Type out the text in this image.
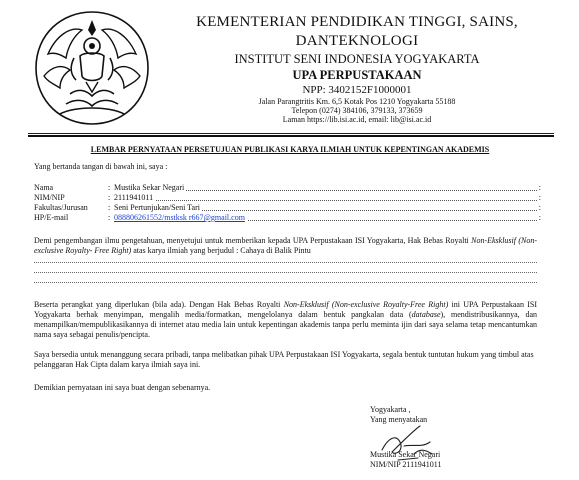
KEMENTERIAN PENDIDIKAN TINGGI, SAINS,
DANTEKNOLOGI
INSTITUT SENI INDONESIA YOGYAKARTA
UPA PERPUSTAKAAN
NPP: 3402152F1000001
Jalan Parangtritis Km. 6,5 Kotak Pos 1210 Yogyakarta 55188
Telepon (0274) 384106, 379133, 373659
Laman https://lib.isi.ac.id, email: lib@isi.ac.id
LEMBAR PERNYATAAN PERSETUJUAN PUBLIKASI KARYA ILMIAH UNTUK KEPENTINGAN AKADEMIS
Yang bertanda tangan di bawah ini, saya :
Nama	: Mustika Sekar Negari	:
NIM/NIP	: 2111941011	:
Fakultas/Jurusan	: Seni Pertunjukan/Seni Tari	:
HP/E-mail	: 088806261552/mstksk r667@gmail.com	:
Demi pengembangan ilmu pengetahuan, menyetujui untuk memberikan kepada UPA Perpustakaan ISI Yogyakarta, Hak Bebas Royalti Non-Eksklusif (Non-exclusive Royalty- Free Right) atas karya ilmiah yang berjudul : Cahaya di Balik Pintu
Beserta perangkat yang diperlukan (bila ada). Dengan Hak Bebas Royalti Non-Eksklusif (Non-exclusive Royalty-Free Right) ini UPA Perpustakaan ISI Yogyakarta berhak menyimpan, mengalih media/formatkan, mengelolanya dalam bentuk pangkalan data (database), mendistribusikannya, dan menampilkan/mempublikasikannya di internet atau media lain untuk kepentingan akademis tanpa perlu meminta ijin dari saya selama tetap mencantumkan nama saya sebagai penulis/pencipta.
Saya bersedia untuk menanggung secara pribadi, tanpa melibatkan pihak UPA Perpustakaan ISI Yogyakarta, segala bentuk tuntutan hukum yang timbul atas pelanggaran Hak Cipta dalam karya ilmiah saya ini.
Demikian pernyataan ini saya buat dengan sebenarnya.
Yogyakarta ,
Yang menyatakan
Mustika Sekar Negari
NIM/NIP 2111941011
